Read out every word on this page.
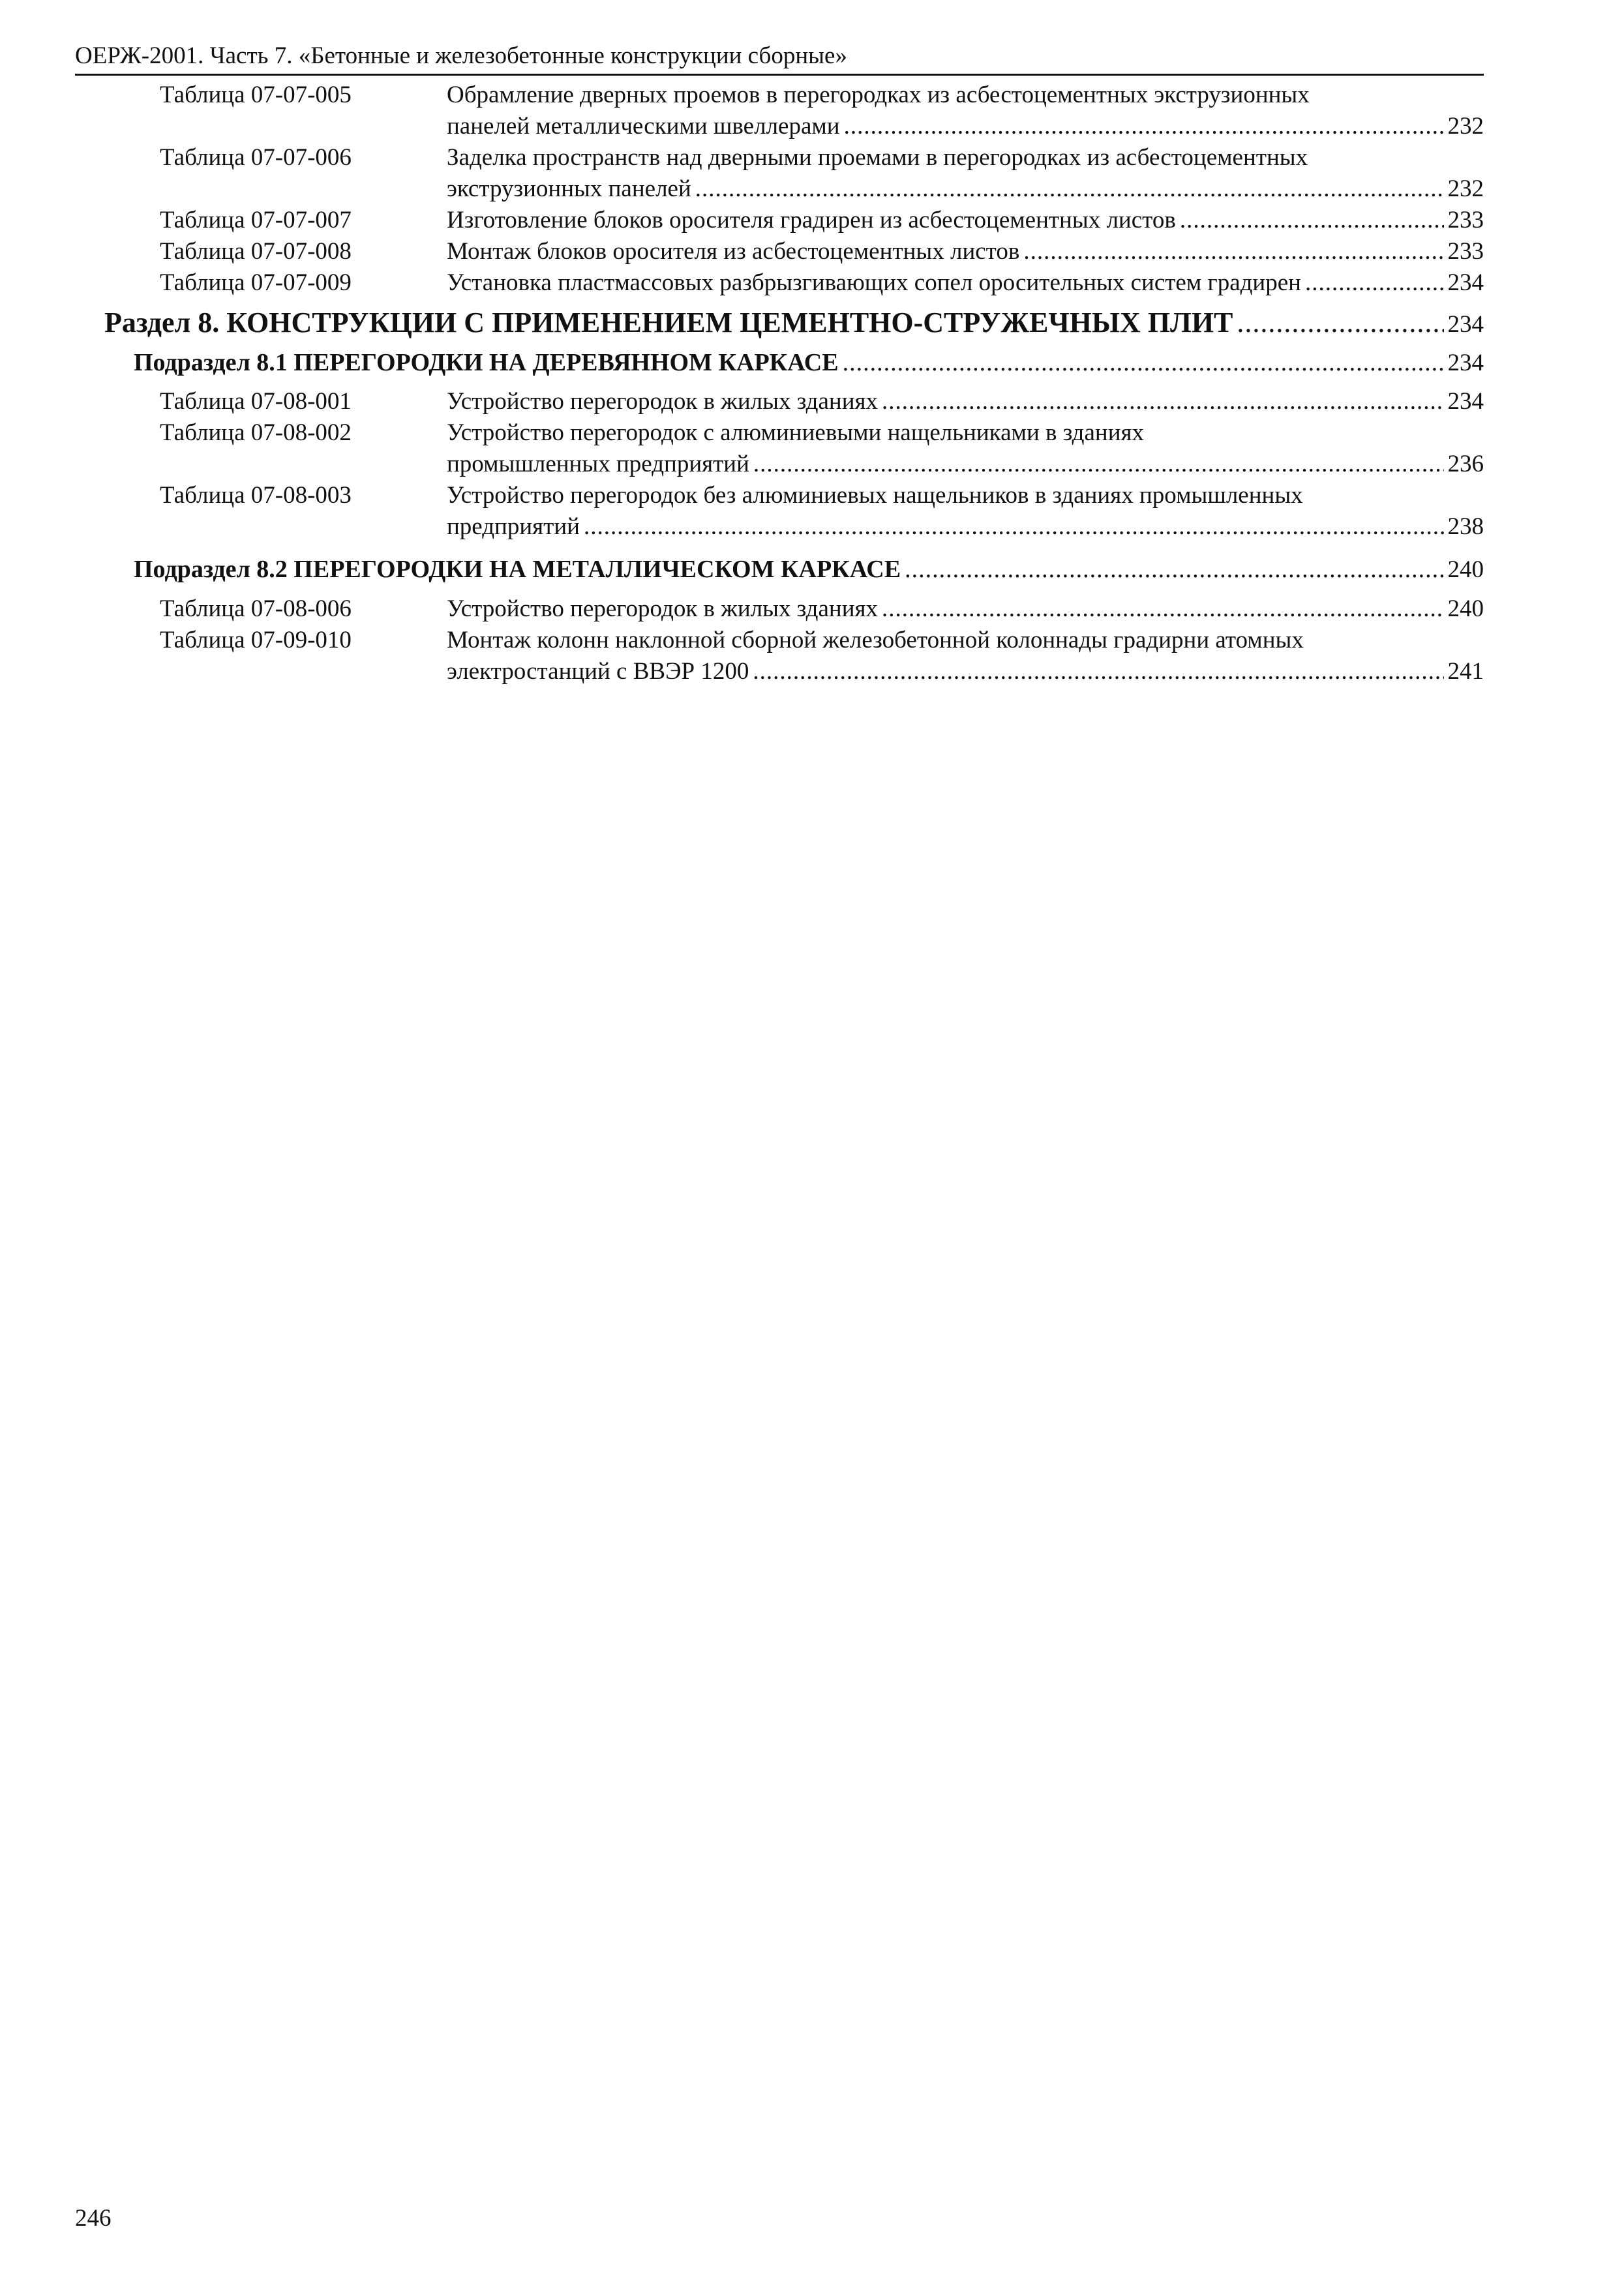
ОЕРЖ-2001. Часть 7. «Бетонные и железобетонные конструкции сборные»
Таблица 07-07-005	Обрамление дверных проемов в перегородках из асбестоцементных экструзионных
панелей металлическими швеллерами .....	232
Таблица 07-07-006	Заделка пространств над дверными проемами в перегородках из асбестоцементных
экструзионных панелей .....	232
Таблица 07-07-007	Изготовление блоков оросителя градирен из асбестоцементных листов .....	233
Таблица 07-07-008	Монтаж блоков оросителя из асбестоцементных листов .....	233
Таблица 07-07-009	Установка пластмассовых разбрызгивающих сопел оросительных систем градирен .....	234
Раздел 8. КОНСТРУКЦИИ С ПРИМЕНЕНИЕМ ЦЕМЕНТНО-СТРУЖЕЧНЫХ ПЛИТ .....	234
Подраздел 8.1 ПЕРЕГОРОДКИ НА ДЕРЕВЯННОМ КАРКАСЕ .....	234
Таблица 07-08-001	Устройство перегородок в жилых зданиях .....	234
Таблица 07-08-002	Устройство перегородок с алюминиевыми нащельниками в зданиях
промышленных предприятий .....	236
Таблица 07-08-003	Устройство перегородок без алюминиевых нащельников в зданиях промышленных
предприятий .....	238
Подраздел 8.2 ПЕРЕГОРОДКИ НА МЕТАЛЛИЧЕСКОМ КАРКАСЕ .....	240
Таблица 07-08-006	Устройство перегородок в жилых зданиях .....	240
Таблица 07-09-010	Монтаж колонн наклонной сборной железобетонной колоннады градирни атомных
электростанций с ВВЭР 1200 .....	241
246
